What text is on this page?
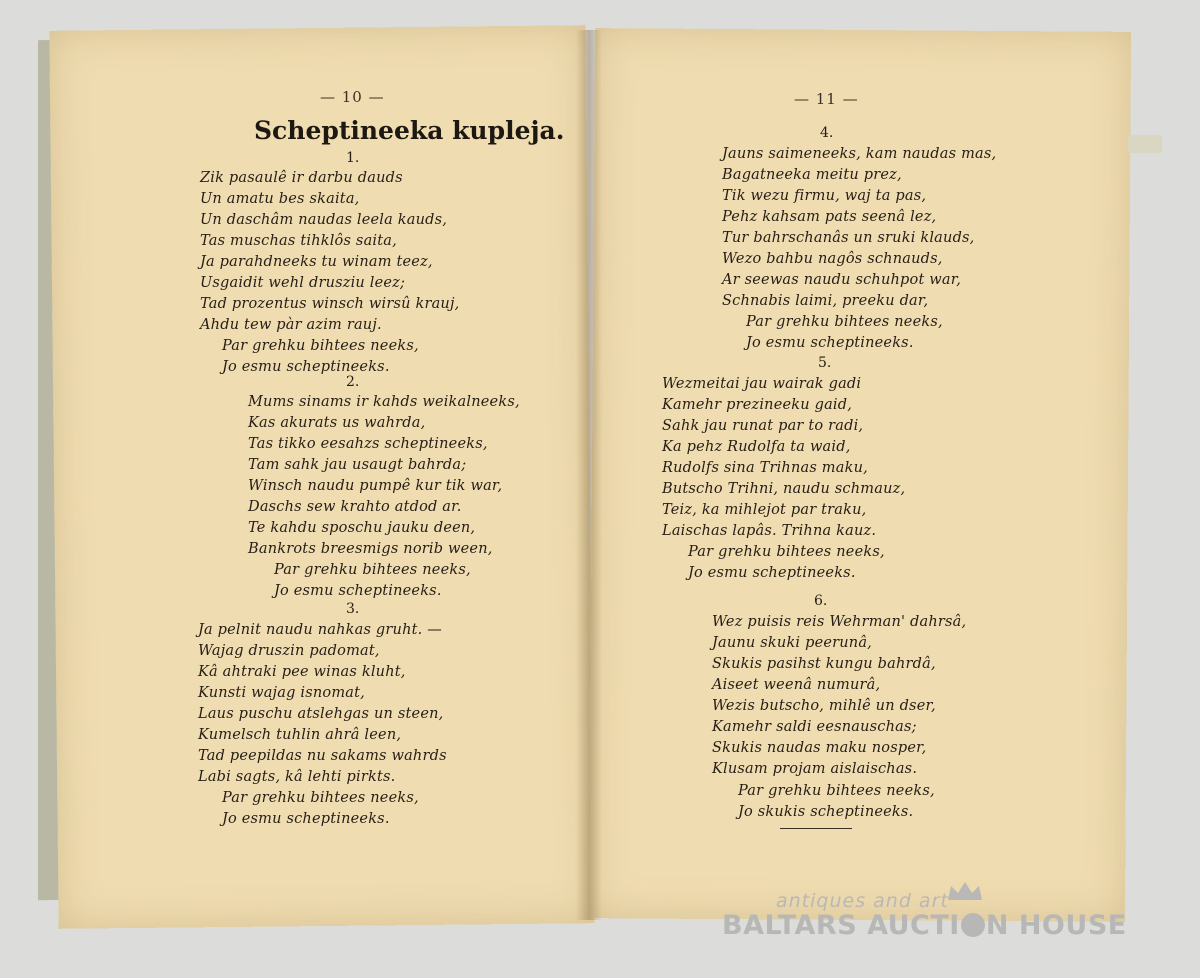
— 10 —
Scheptineeka kupleja.
1.
Zik pasaulê ir darbu dauds
Un amatu bes skaita,
Un daschâm naudas leela kauds,
Tas muschas tihklôs saita,
Ja parahdneeks tu winam teez,
Usgaidit wehl drusziu leez;
Tad prozentus winsch wirsû krauj,
Ahdu tew pàr azim rauj.
Par grehku bihtees neeks,
Jo esmu scheptineeks.
2.
Mums sinams ir kahds weikalneeks,
Kas akurats us wahrda,
Tas tikko eesahzs scheptineeks,
Tam sahk jau usaugt bahrda;
Winsch naudu pumpê kur tik war,
Daschs sew krahto atdod ar.
Te kahdu sposchu jauku deen,
Bankrots breesmigs norib ween,
Par grehku bihtees neeks,
Jo esmu scheptineeks.
3.
Ja pelnit naudu nahkas gruht. —
Wajag druszin padomat,
Kâ ahtraki pee winas kluht,
Kunsti wajag isnomat,
Laus puschu atslehgas un steen,
Kumelsch tuhlin ahrâ leen,
Tad peepildas nu sakams wahrds
Labi sagts, kâ lehti pirkts.
Par grehku bihtees neeks,
Jo esmu scheptineeks.
— 11 —
4.
Jauns saimeneeks, kam naudas mas,
Bagatneeka meitu prez,
Tik wezu firmu, waj ta pas,
Pehz kahsam pats seenâ lez,
Tur bahrschanâs un sruki klauds,
Wezo bahbu nagôs schnauds,
Ar seewas naudu schuhpot war,
Schnabis laimi, preeku dar,
Par grehku bihtees neeks,
Jo esmu scheptineeks.
5.
Wezmeitai jau wairak gadi
Kamehr prezineeku gaid,
Sahk jau runat par to radi,
Ka pehz Rudolfa ta waid,
Rudolfs sina Trihnas maku,
Butscho Trihni, naudu schmauz,
Teiz, ka mihlejot par traku,
Laischas lapâs. Trihna kauz.
Par grehku bihtees neeks,
Jo esmu scheptineeks.
6.
Wez puisis reis Wehrman' dahrsâ,
Jaunu skuki peerunâ,
Skukis pasihst kungu bahrdâ,
Aiseet weenâ numurâ,
Wezis butscho, mihlê un dser,
Kamehr saldi eesnauschas;
Skukis naudas maku nosper,
Klusam projam aislaischas.
Par grehku bihtees neeks,
Jo skukis scheptineeks.
antiques and art
BALTARS AUCTI N HOUSE
